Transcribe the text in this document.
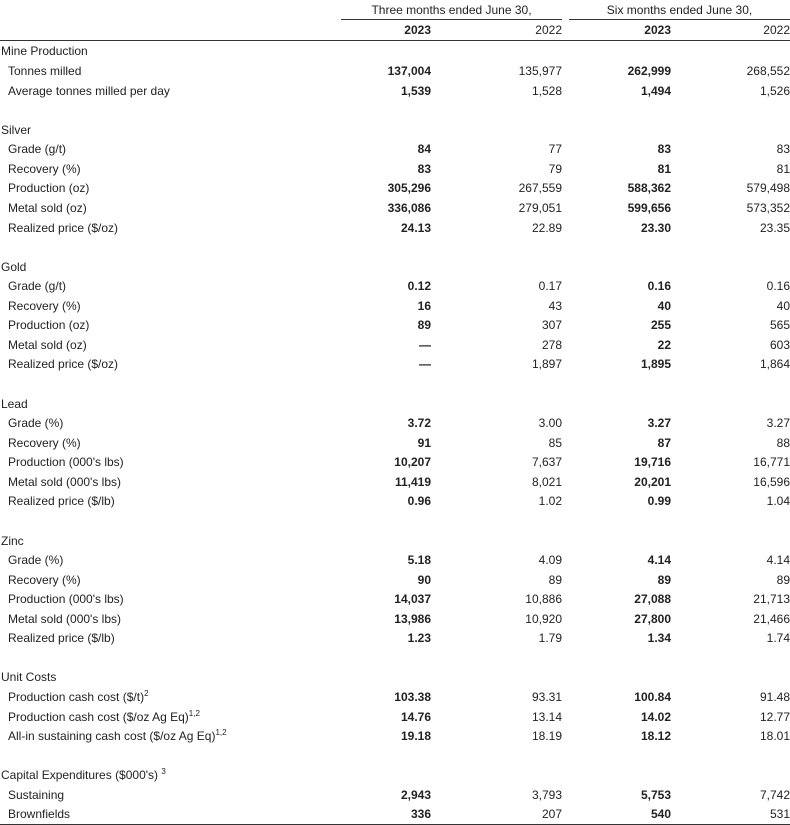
Three months ended June 30,	Six months ended June 30,
2023	2022	2023	2022
Mine Production
Tonnes milled	137,004	135,977	262,999	268,552
Average tonnes milled per day	1,539	1,528	1,494	1,526
Silver
Grade (g/t)	84	77	83	83
Recovery (%)	83	79	81	81
Production (oz)	305,296	267,559	588,362	579,498
Metal sold (oz)	336,086	279,051	599,656	573,352
Realized price ($/oz)	24.13	22.89	23.30	23.35
Gold
Grade (g/t)	0.12	0.17	0.16	0.16
Recovery (%)	16	43	40	40
Production (oz)	89	307	255	565
Metal sold (oz)	—	278	22	603
Realized price ($/oz)	—	1,897	1,895	1,864
Lead
Grade (%)	3.72	3.00	3.27	3.27
Recovery (%)	91	85	87	88
Production (000's lbs)	10,207	7,637	19,716	16,771
Metal sold (000's lbs)	11,419	8,021	20,201	16,596
Realized price ($/lb)	0.96	1.02	0.99	1.04
Zinc
Grade (%)	5.18	4.09	4.14	4.14
Recovery (%)	90	89	89	89
Production (000's lbs)	14,037	10,886	27,088	21,713
Metal sold (000's lbs)	13,986	10,920	27,800	21,466
Realized price ($/lb)	1.23	1.79	1.34	1.74
Unit Costs
Production cash cost ($/t)$^2$	103.38	93.31	100.84	91.48
Production cash cost ($/oz Ag Eq)$^{1,2}$	14.76	13.14	14.02	12.77
All-in sustaining cash cost ($/oz Ag Eq)$^{1,2}$	19.18	18.19	18.12	18.01
Capital Expenditures ($000's) $^3$
Sustaining	2,943	3,793	5,753	7,742
Brownfields	336	207	540	531
